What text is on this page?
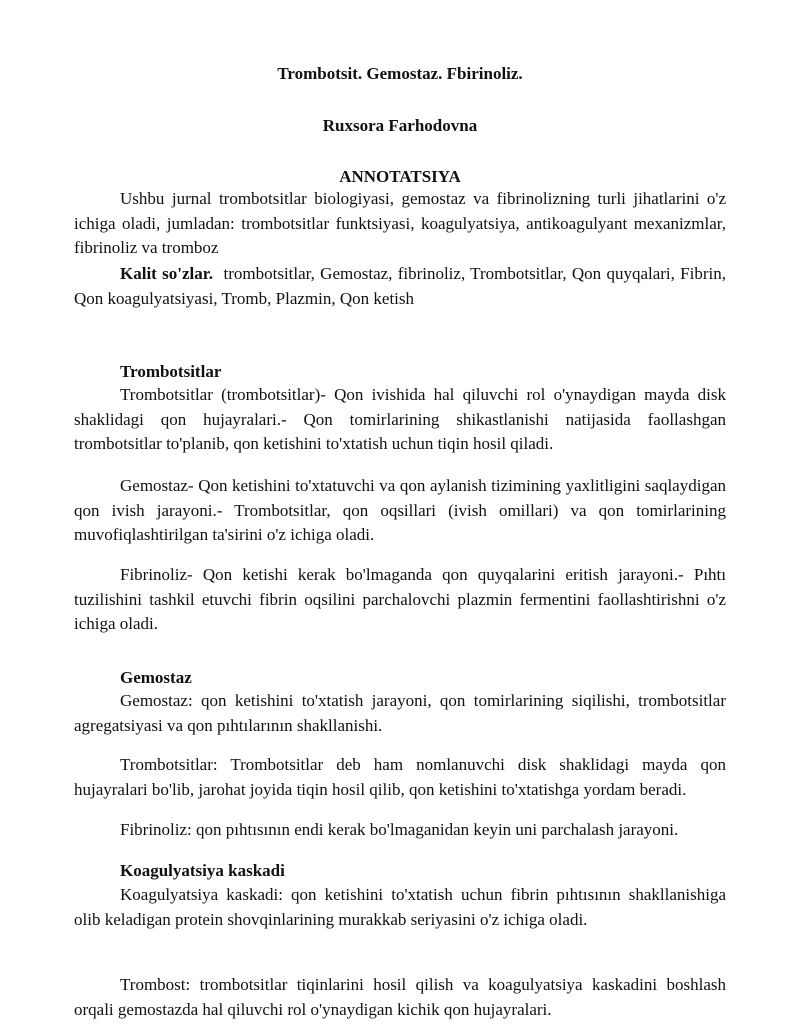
Trombotsit. Gemostaz. Fbirinoliz.
Ruxsora Farhodovna
ANNOTATSIYA
Ushbu jurnal trombotsitlar biologiyasi, gemostaz va fibrinolizning turli jihatlarini o'z ichiga oladi, jumladan: trombotsitlar funktsiyasi, koagulyatsiya, antikoagulyant mexanizmlar, fibrinoliz va tromboz
Kalit so'zlar. trombotsitlar, Gemostaz, fibrinoliz, Trombotsitlar, Qon quyqalari, Fibrin, Qon koagulyatsiyasi, Tromb, Plazmin, Qon ketish
Trombotsitlar
Trombotsitlar (trombotsitlar)- Qon ivishida hal qiluvchi rol o'ynaydigan mayda disk shaklidagi qon hujayralari.- Qon tomirlarining shikastlanishi natijasida faollashgan trombotsitlar to'planib, qon ketishini to'xtatish uchun tiqin hosil qiladi.
Gemostaz- Qon ketishini to'xtatuvchi va qon aylanish tizimining yaxlitligini saqlaydigan qon ivish jarayoni.- Trombotsitlar, qon oqsillari (ivish omillari) va qon tomirlarining muvofiqlashtirilgan ta'sirini o'z ichiga oladi.
Fibrinoliz- Qon ketishi kerak bo'lmaganda qon quyqalarini eritish jarayoni.- Pıhtı tuzilishini tashkil etuvchi fibrin oqsilini parchalovchi plazmin fermentini faollashtirishni o'z ichiga oladi.
Gemostaz
Gemostaz: qon ketishini to'xtatish jarayoni, qon tomirlarining siqilishi, trombotsitlar agregatsiyasi va qon pıhtılarının shakllanishi.
Trombotsitlar: Trombotsitlar deb ham nomlanuvchi disk shaklidagi mayda qon hujayralari bo'lib, jarohat joyida tiqin hosil qilib, qon ketishini to'xtatishga yordam beradi.
Fibrinoliz: qon pıhtısının endi kerak bo'lmaganidan keyin uni parchalash jarayoni.
Koagulyatsiya kaskadi
Koagulyatsiya kaskadi: qon ketishini to'xtatish uchun fibrin pıhtısının shakllanishiga olib keladigan protein shovqinlarining murakkab seriyasini o'z ichiga oladi.
Trombost: trombotsitlar tiqinlarini hosil qilish va koagulyatsiya kaskadini boshlash orqali gemostazda hal qiluvchi rol o'ynaydigan kichik qon hujayralari.
